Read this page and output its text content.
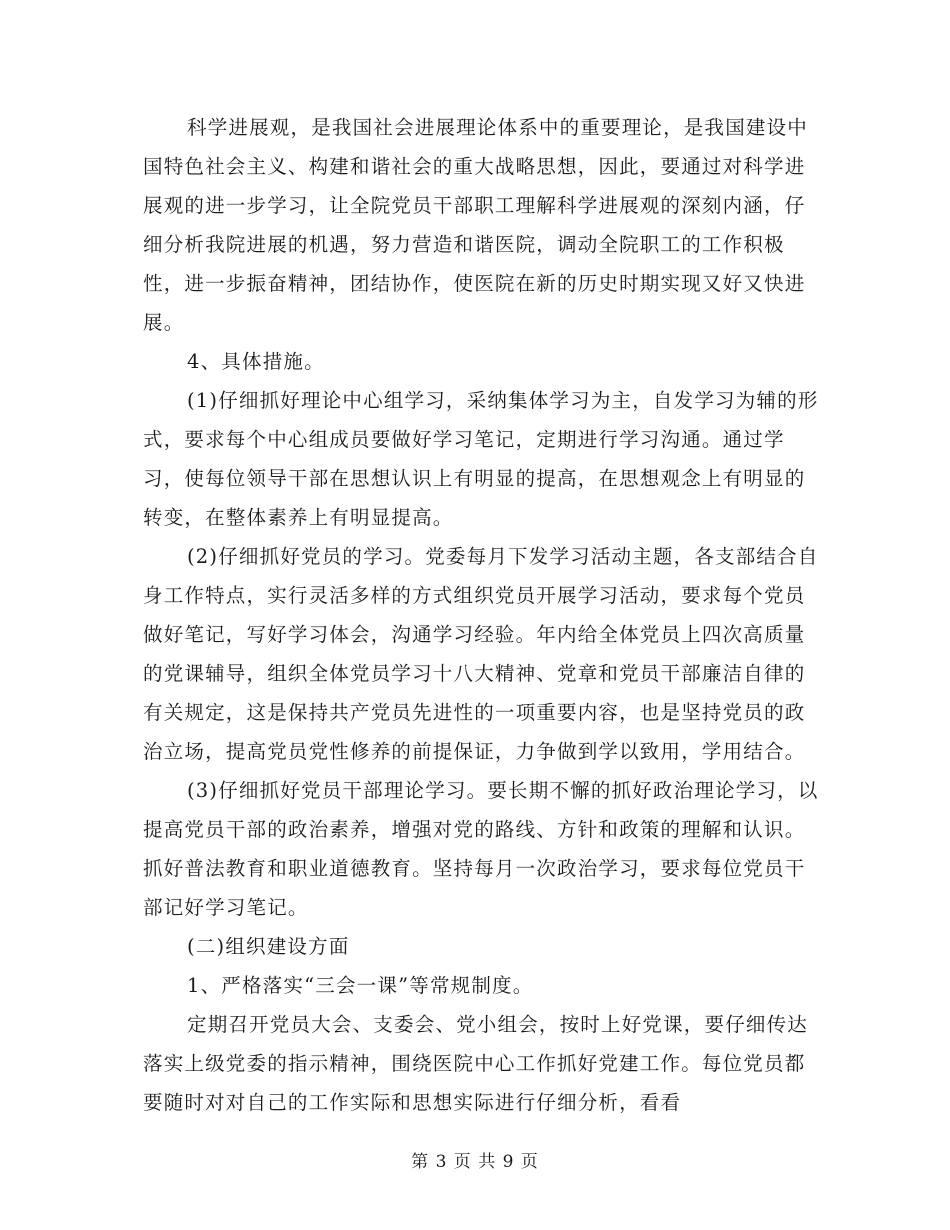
科学进展观，是我国社会进展理论体系中的重要理论，是我国建设中国特色社会主义、构建和谐社会的重大战略思想，因此，要通过对科学进展观的进一步学习，让全院党员干部职工理解科学进展观的深刻内涵，仔细分析我院进展的机遇，努力营造和谐医院，调动全院职工的工作积极性，进一步振奋精神，团结协作，使医院在新的历史时期实现又好又快进展。

4、具体措施。

(1)仔细抓好理论中心组学习，采纳集体学习为主，自发学习为辅的形式，要求每个中心组成员要做好学习笔记，定期进行学习沟通。通过学习，使每位领导干部在思想认识上有明显的提高，在思想观念上有明显的转变，在整体素养上有明显提高。

(2)仔细抓好党员的学习。党委每月下发学习活动主题，各支部结合自身工作特点，实行灵活多样的方式组织党员开展学习活动，要求每个党员做好笔记，写好学习体会，沟通学习经验。年内给全体党员上四次高质量的党课辅导，组织全体党员学习十八大精神、党章和党员干部廉洁自律的有关规定，这是保持共产党员先进性的一项重要内容，也是坚持党员的政治立场，提高党员党性修养的前提保证，力争做到学以致用，学用结合。

(3)仔细抓好党员干部理论学习。要长期不懈的抓好政治理论学习，以提高党员干部的政治素养，增强对党的路线、方针和政策的理解和认识。抓好普法教育和职业道德教育。坚持每月一次政治学习，要求每位党员干部记好学习笔记。

(二)组织建设方面

1、严格落实“三会一课”等常规制度。

定期召开党员大会、支委会、党小组会，按时上好党课，要仔细传达落实上级党委的指示精神，围绕医院中心工作抓好党建工作。每位党员都要随时对对自己的工作实际和思想实际进行仔细分析，看看

第 3 页 共 9 页
